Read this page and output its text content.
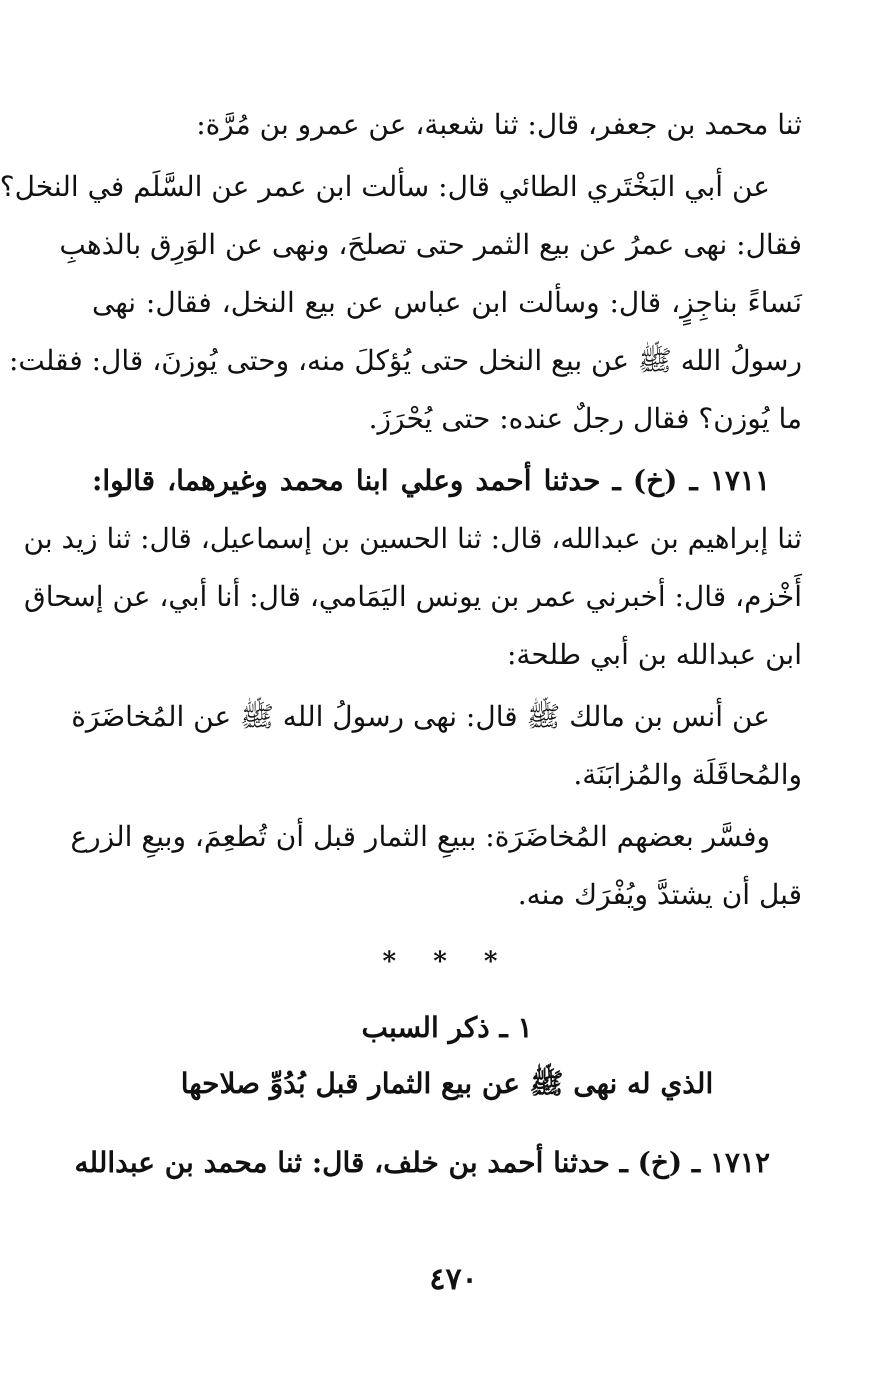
ثنا محمد بن جعفر، قال: ثنا شعبة، عن عمرو بن مُرَّة:
عن أبي البَخْتَري الطائي قال: سألت ابن عمر عن السَّلَم في النخل؟
فقال: نهى عمرُ عن بيع الثمر حتى تصلحَ، ونهى عن الوَرِق بالذهبِ
نَساءً بناجِزٍ، قال: وسألت ابن عباس عن بيع النخل، فقال: نهى
رسولُ الله ﷺ عن بيع النخل حتى يُؤكلَ منه، وحتى يُوزنَ، قال: فقلت:
ما يُوزن؟ فقال رجلٌ عنده: حتى يُحْرَزَ.
١٧١١ ـ (خ) ـ حدثنا أحمد وعلي ابنا محمد وغيرهما، قالوا:
ثنا إبراهيم بن عبدالله، قال: ثنا الحسين بن إسماعيل، قال: ثنا زيد بن
أَخْزم، قال: أخبرني عمر بن يونس اليَمَامي، قال: أنا أبي، عن إسحاق
ابن عبدالله بن أبي طلحة:
عن أنس بن مالك ﷺ قال: نهى رسولُ الله ﷺ عن المُخاضَرَة
والمُحاقَلَة والمُزابَنَة.
وفسَّر بعضهم المُخاضَرَة: ببيعِ الثمار قبل أن تُطعِمَ، وبيعِ الزرع
قبل أن يشتدَّ ويُفْرَك منه.
* * *
١ ـ ذكر السبب
الذي له نهى ﷺ عن بيع الثمار قبل بُدُوِّ صلاحها
١٧١٢ ـ (خ) ـ حدثنا أحمد بن خلف، قال: ثنا محمد بن عبدالله
٤٧٠
